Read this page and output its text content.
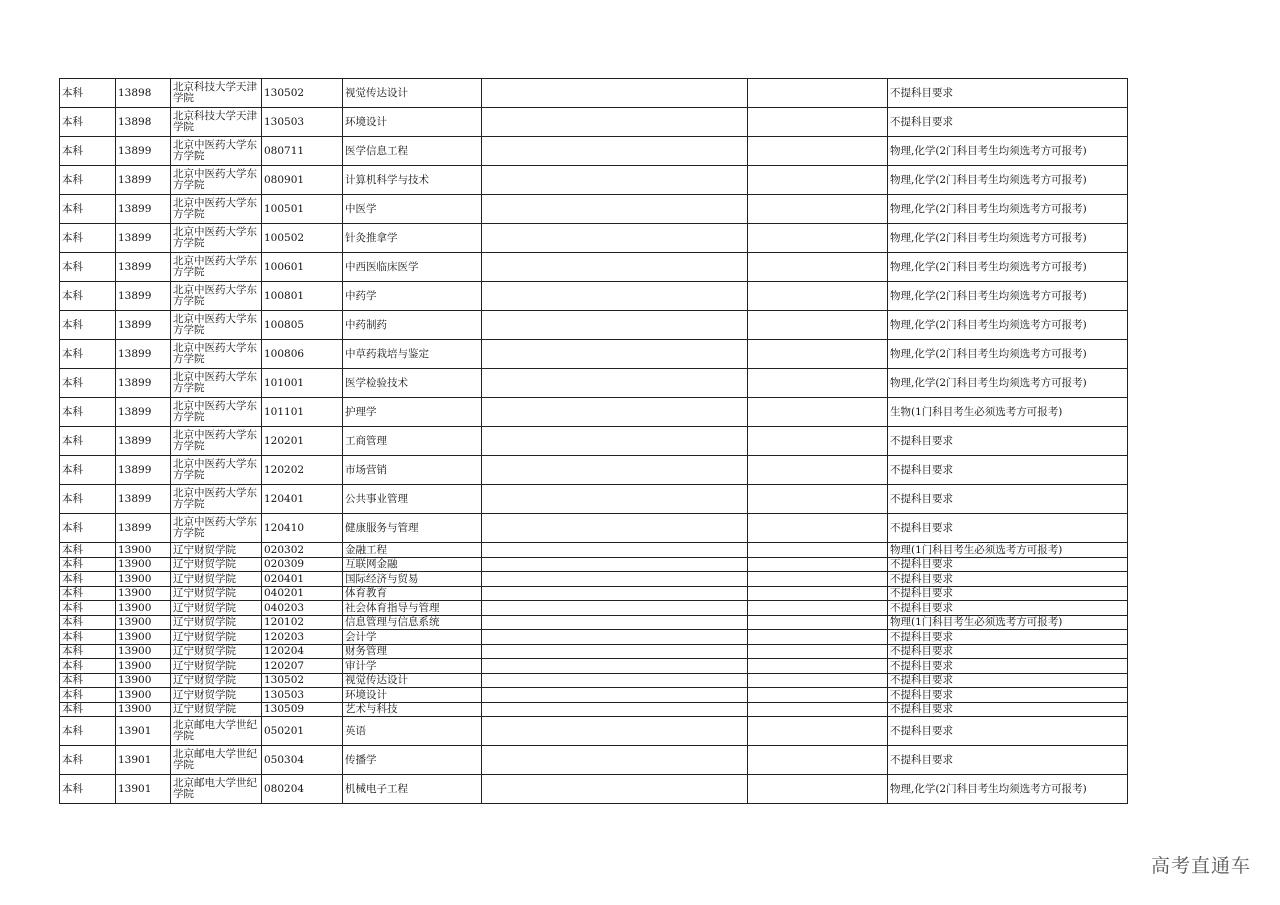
本科	13898	北京科技大学天津学院	130502	视觉传达设计			不提科目要求
本科	13898	北京科技大学天津学院	130503	环境设计			不提科目要求
本科	13899	北京中医药大学东方学院	080711	医学信息工程			物理,化学(2门科目考生均须选考方可报考)
本科	13899	北京中医药大学东方学院	080901	计算机科学与技术			物理,化学(2门科目考生均须选考方可报考)
本科	13899	北京中医药大学东方学院	100501	中医学			物理,化学(2门科目考生均须选考方可报考)
本科	13899	北京中医药大学东方学院	100502	针灸推拿学			物理,化学(2门科目考生均须选考方可报考)
本科	13899	北京中医药大学东方学院	100601	中西医临床医学			物理,化学(2门科目考生均须选考方可报考)
本科	13899	北京中医药大学东方学院	100801	中药学			物理,化学(2门科目考生均须选考方可报考)
本科	13899	北京中医药大学东方学院	100805	中药制药			物理,化学(2门科目考生均须选考方可报考)
本科	13899	北京中医药大学东方学院	100806	中草药栽培与鉴定			物理,化学(2门科目考生均须选考方可报考)
本科	13899	北京中医药大学东方学院	101001	医学检验技术			物理,化学(2门科目考生均须选考方可报考)
本科	13899	北京中医药大学东方学院	101101	护理学			生物(1门科目考生必须选考方可报考)
本科	13899	北京中医药大学东方学院	120201	工商管理			不提科目要求
本科	13899	北京中医药大学东方学院	120202	市场营销			不提科目要求
本科	13899	北京中医药大学东方学院	120401	公共事业管理			不提科目要求
本科	13899	北京中医药大学东方学院	120410	健康服务与管理			不提科目要求
本科	13900	辽宁财贸学院	020302	金融工程			物理(1门科目考生必须选考方可报考)
本科	13900	辽宁财贸学院	020309	互联网金融			不提科目要求
本科	13900	辽宁财贸学院	020401	国际经济与贸易			不提科目要求
本科	13900	辽宁财贸学院	040201	体育教育			不提科目要求
本科	13900	辽宁财贸学院	040203	社会体育指导与管理			不提科目要求
本科	13900	辽宁财贸学院	120102	信息管理与信息系统			物理(1门科目考生必须选考方可报考)
本科	13900	辽宁财贸学院	120203	会计学			不提科目要求
本科	13900	辽宁财贸学院	120204	财务管理			不提科目要求
本科	13900	辽宁财贸学院	120207	审计学			不提科目要求
本科	13900	辽宁财贸学院	130502	视觉传达设计			不提科目要求
本科	13900	辽宁财贸学院	130503	环境设计			不提科目要求
本科	13900	辽宁财贸学院	130509	艺术与科技			不提科目要求
本科	13901	北京邮电大学世纪学院	050201	英语			不提科目要求
本科	13901	北京邮电大学世纪学院	050304	传播学			不提科目要求
本科	13901	北京邮电大学世纪学院	080204	机械电子工程			物理,化学(2门科目考生均须选考方可报考)
高考直通车
